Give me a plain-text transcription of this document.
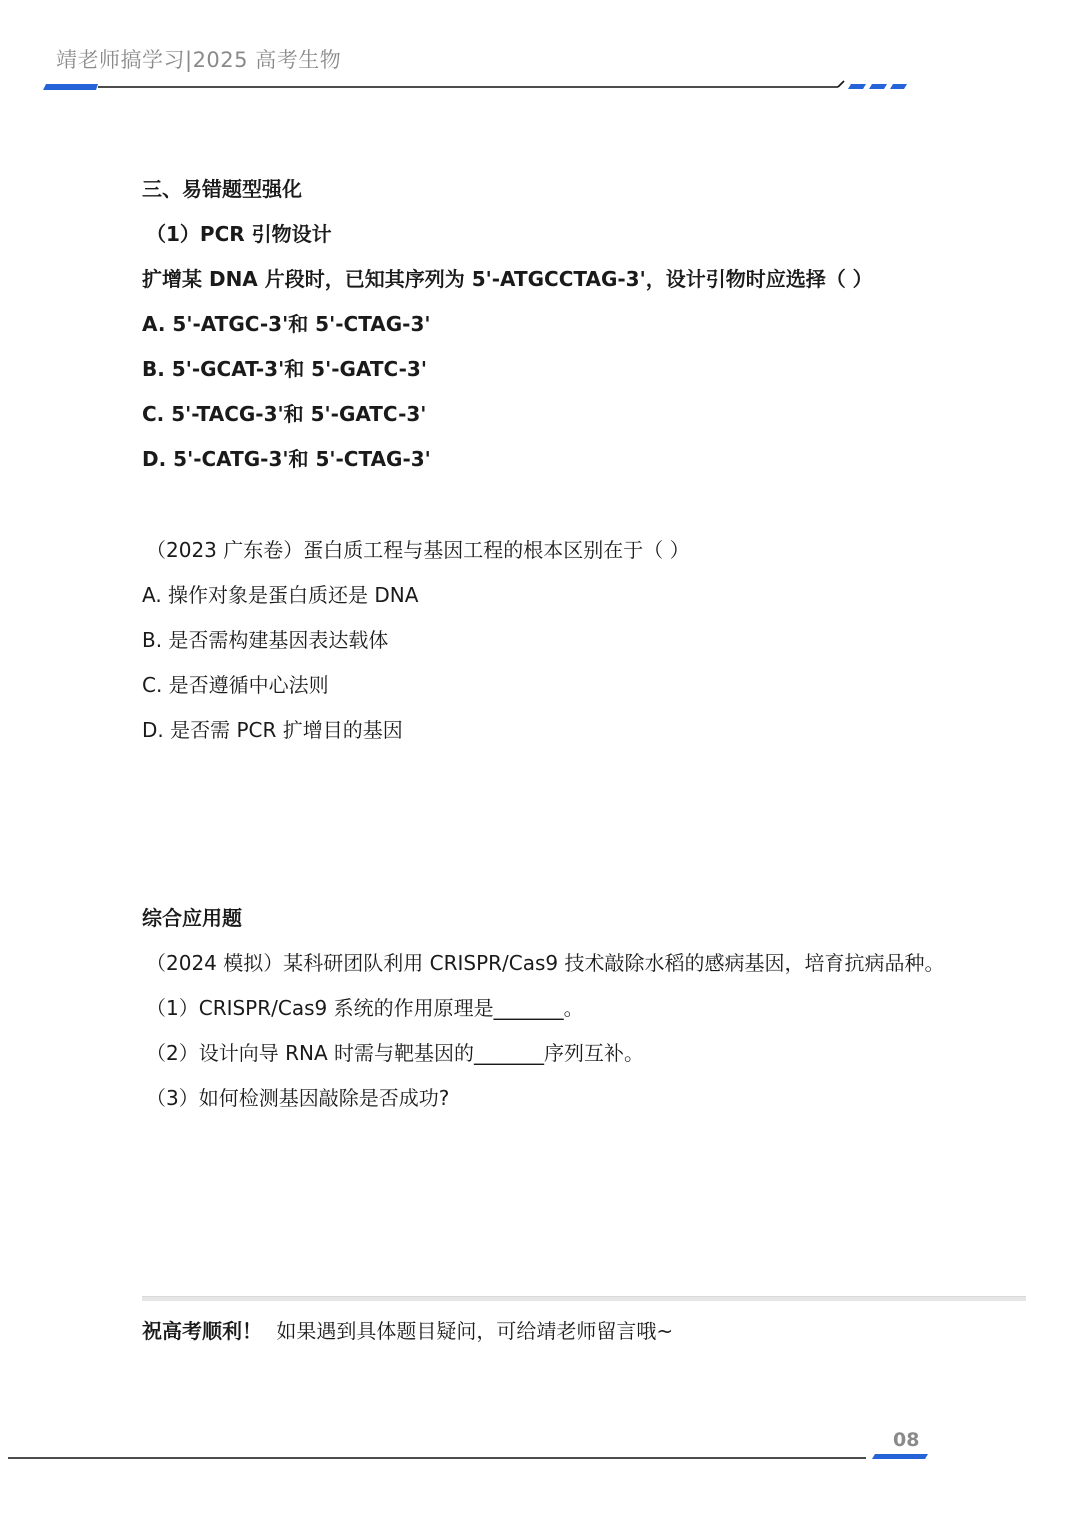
靖老师搞学习|2025 高考生物
三、易错题型强化
（1）PCR 引物设计
扩增某 DNA 片段时，已知其序列为 5'-ATGCCTAG-3'，设计引物时应选择（ ）
A. 5'-ATGC-3'和 5'-CTAG-3'
B. 5'-GCAT-3'和 5'-GATC-3'
C. 5'-TACG-3'和 5'-GATC-3'
D. 5'-CATG-3'和 5'-CTAG-3'
（2023 广东卷）蛋白质工程与基因工程的根本区别在于（ ）
A. 操作对象是蛋白质还是 DNA
B. 是否需构建基因表达载体
C. 是否遵循中心法则
D. 是否需 PCR 扩增目的基因
综合应用题
（2024 模拟）某科研团队利用 CRISPR/Cas9 技术敲除水稻的感病基因，培育抗病品种。
（1）CRISPR/Cas9 系统的作用原理是_______。
（2）设计向导 RNA 时需与靶基因的_______序列互补。
（3）如何检测基因敲除是否成功?
祝高考顺利！ 如果遇到具体题目疑问，可给靖老师留言哦~
08
